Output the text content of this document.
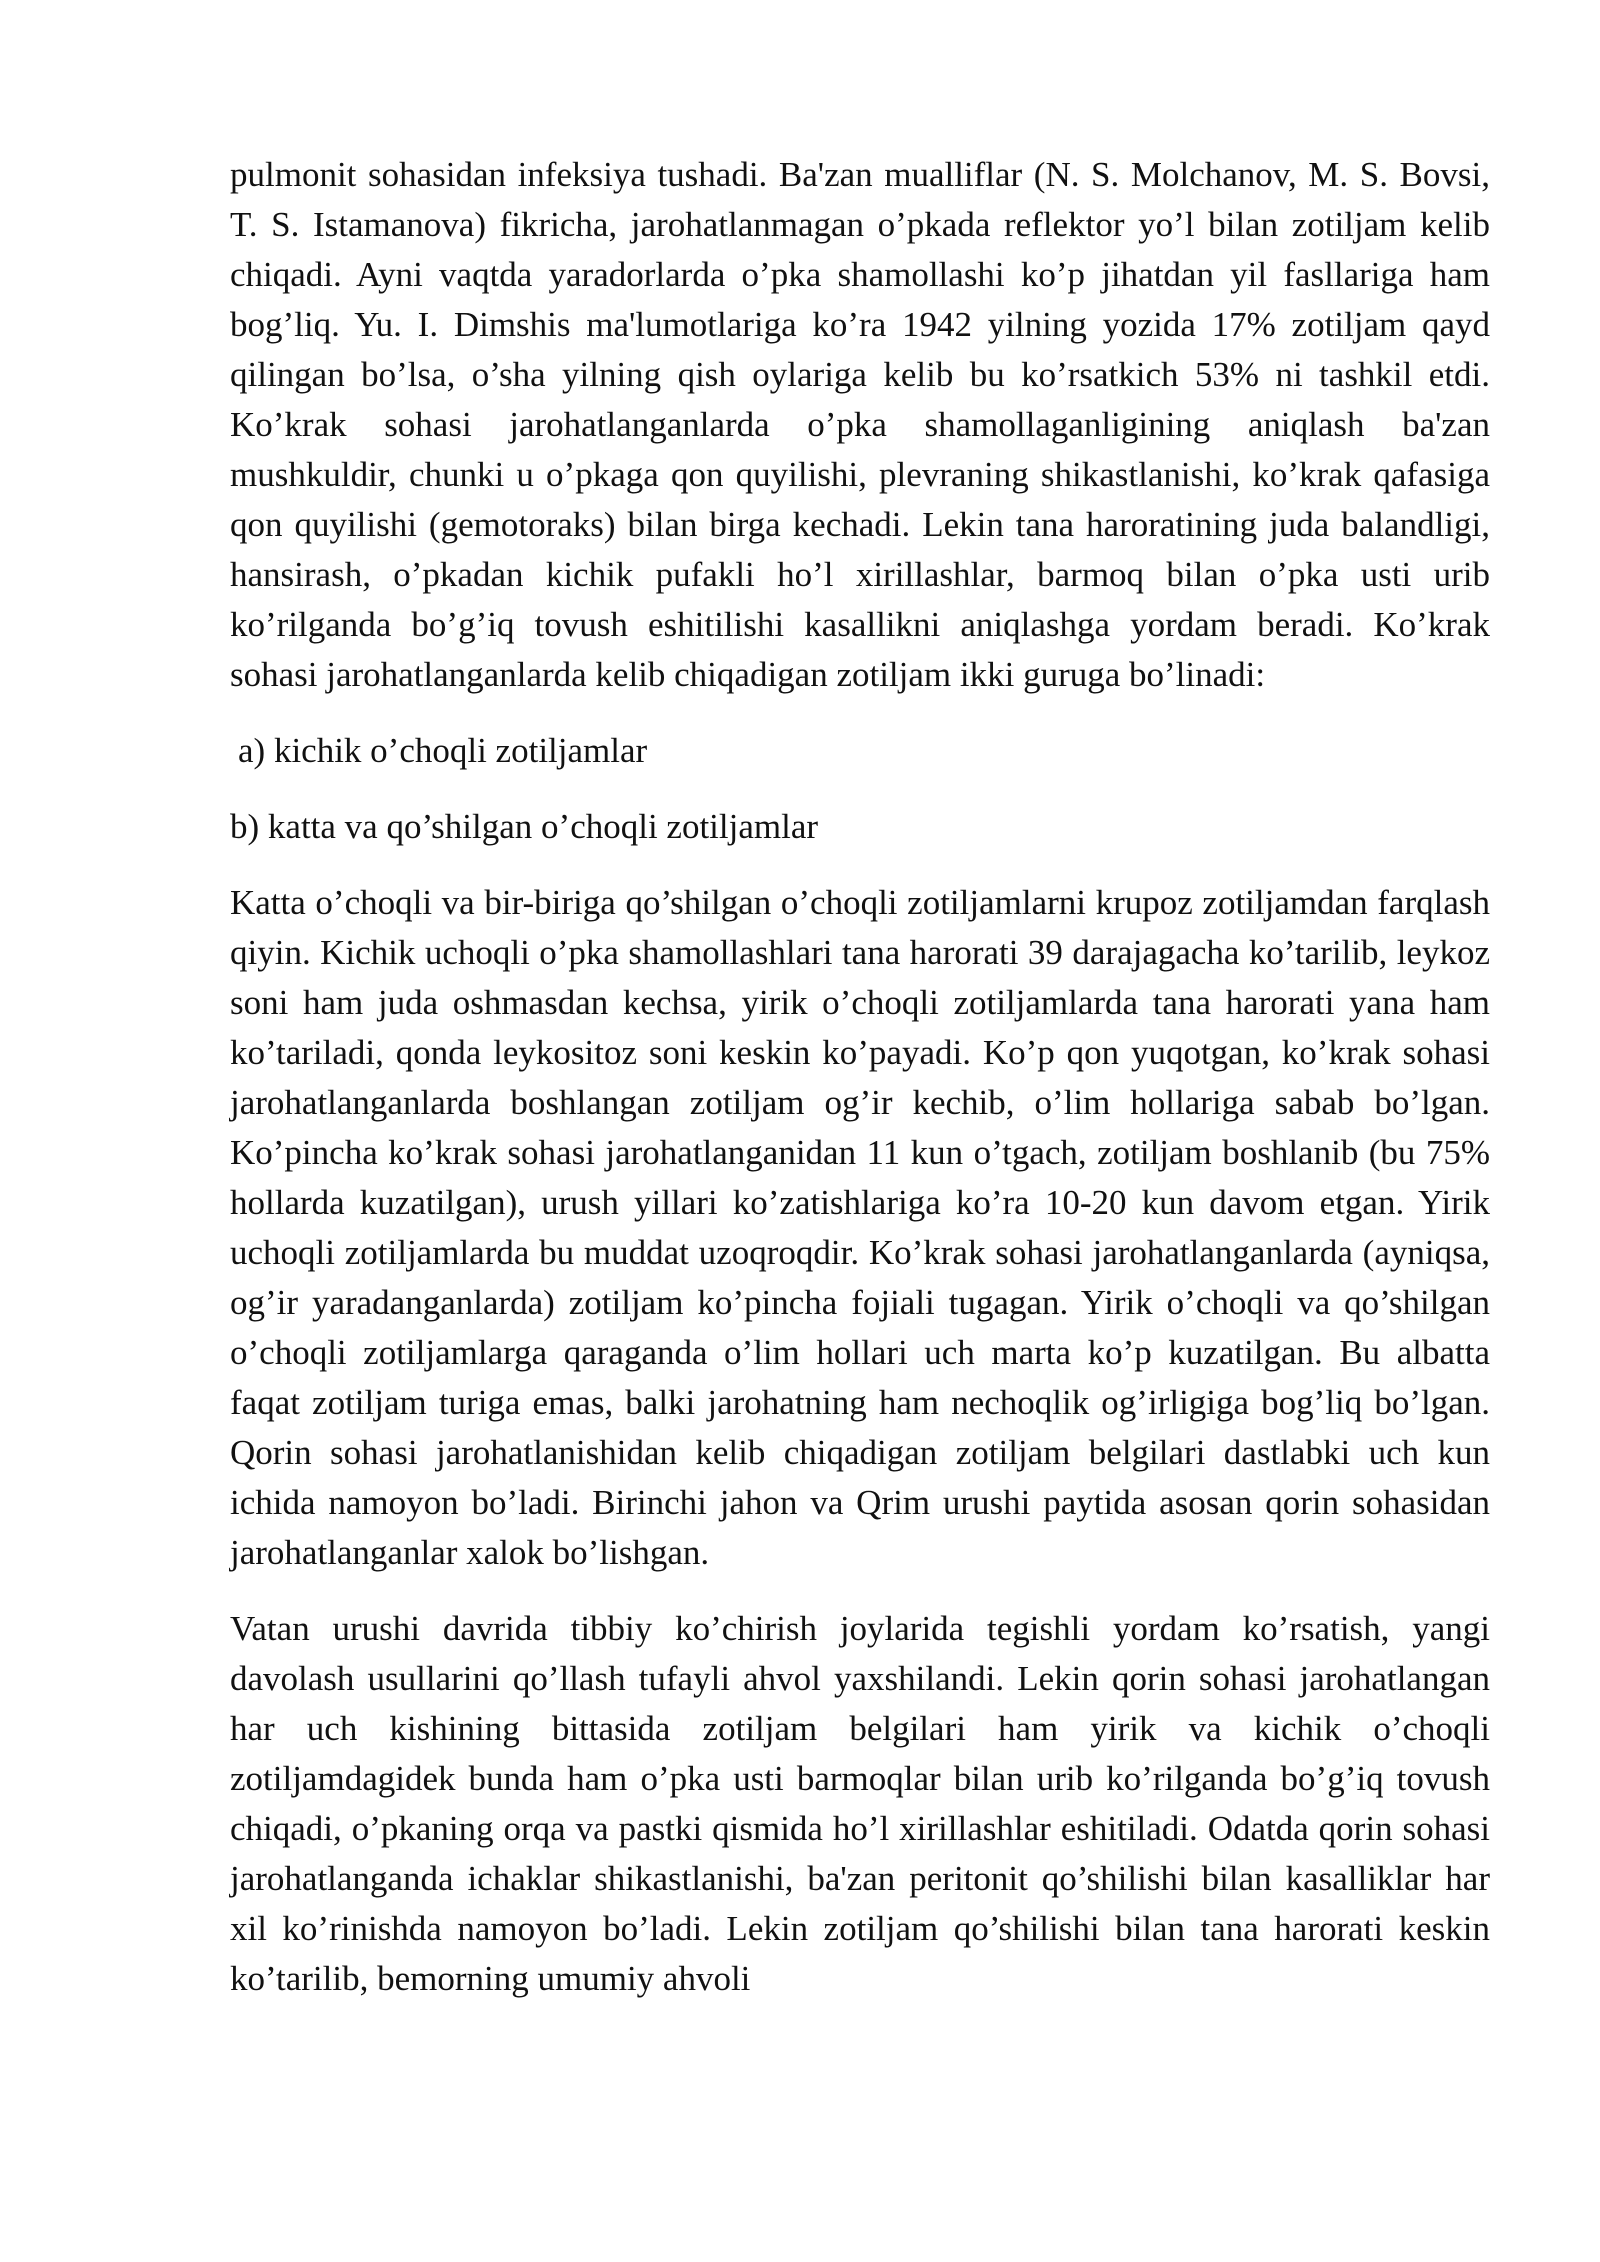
pulmonit sohasidan infeksiya tushadi. Ba'zan mualliflar (N. S. Molchanov, M. S. Bovsi, T. S. Istamanova) fikricha, jarohatlanmagan o’pkada reflektor yo’l bilan zotiljam kelib chiqadi. Ayni vaqtda yaradorlarda o’pka shamollashi ko’p jihatdan yil fasllariga ham bog’liq. Yu. I. Dimshis ma'lumotlariga ko’ra 1942 yilning yozida 17% zotiljam qayd qilingan bo’lsa, o’sha yilning qish oylariga kelib bu ko’rsatkich 53% ni tashkil etdi. Ko’krak sohasi jarohatlanganlarda o’pka shamollaganligining aniqlash ba'zan mushkuldir, chunki u o’pkaga qon quyilishi, plevraning shikastlanishi, ko’krak qafasiga qon quyilishi (gemotoraks) bilan birga kechadi. Lekin tana haroratining juda balandligi, hansirash, o’pkadan kichik pufakli ho’l xirillashlar, barmoq bilan o’pka usti urib ko’rilganda bo’g’iq tovush eshitilishi kasallikni aniqlashga yordam beradi. Ko’krak sohasi jarohatlanganlarda kelib chiqadigan zotiljam ikki guruga bo’linadi:

a) kichik o’choqli zotiljamlar

b) katta va qo’shilgan o’choqli zotiljamlar

Katta o’choqli va bir-biriga qo’shilgan o’choqli zotiljamlarni krupoz zotiljamdan farqlash qiyin. Kichik uchoqli o’pka shamollashlari tana harorati 39 darajagacha ko’tarilib, leykoz soni ham juda oshmasdan kechsa, yirik o’choqli zotiljamlarda tana harorati yana ham ko’tariladi, qonda leykositoz soni keskin ko’payadi. Ko’p qon yuqotgan, ko’krak sohasi jarohatlanganlarda boshlangan zotiljam og’ir kechib, o’lim hollariga sabab bo’lgan. Ko’pincha ko’krak sohasi jarohatlanganidan 11 kun o’tgach, zotiljam boshlanib (bu 75% hollarda kuzatilgan), urush yillari ko’zatishlariga ko’ra 10-20 kun davom etgan. Yirik uchoqli zotiljamlarda bu muddat uzoqroqdir. Ko’krak sohasi jarohatlanganlarda (ayniqsa, og’ir yaradanganlarda) zotiljam ko’pincha fojiali tugagan. Yirik o’choqli va qo’shilgan o’choqli zotiljamlarga qaraganda o’lim hollari uch marta ko’p kuzatilgan. Bu albatta faqat zotiljam turiga emas, balki jarohatning ham nechoqlik og’irligiga bog’liq bo’lgan. Qorin sohasi jarohatlanishidan kelib chiqadigan zotiljam belgilari dastlabki uch kun ichida namoyon bo’ladi. Birinchi jahon va Qrim urushi paytida asosan qorin sohasidan jarohatlanganlar xalok bo’lishgan.

Vatan urushi davrida tibbiy ko’chirish joylarida tegishli yordam ko’rsatish, yangi davolash usullarini qo’llash tufayli ahvol yaxshilandi. Lekin qorin sohasi jarohatlangan har uch kishining bittasida zotiljam belgilari ham yirik va kichik o’choqli zotiljamdagidek bunda ham o’pka usti barmoqlar bilan urib ko’rilganda bo’g’iq tovush chiqadi, o’pkaning orqa va pastki qismida ho’l xirillashlar eshitiladi. Odatda qorin sohasi jarohatlanganda ichaklar shikastlanishi, ba'zan peritonit qo’shilishi bilan kasalliklar har xil ko’rinishda namoyon bo’ladi. Lekin zotiljam qo’shilishi bilan tana harorati keskin ko’tarilib, bemorning umumiy ahvoli
